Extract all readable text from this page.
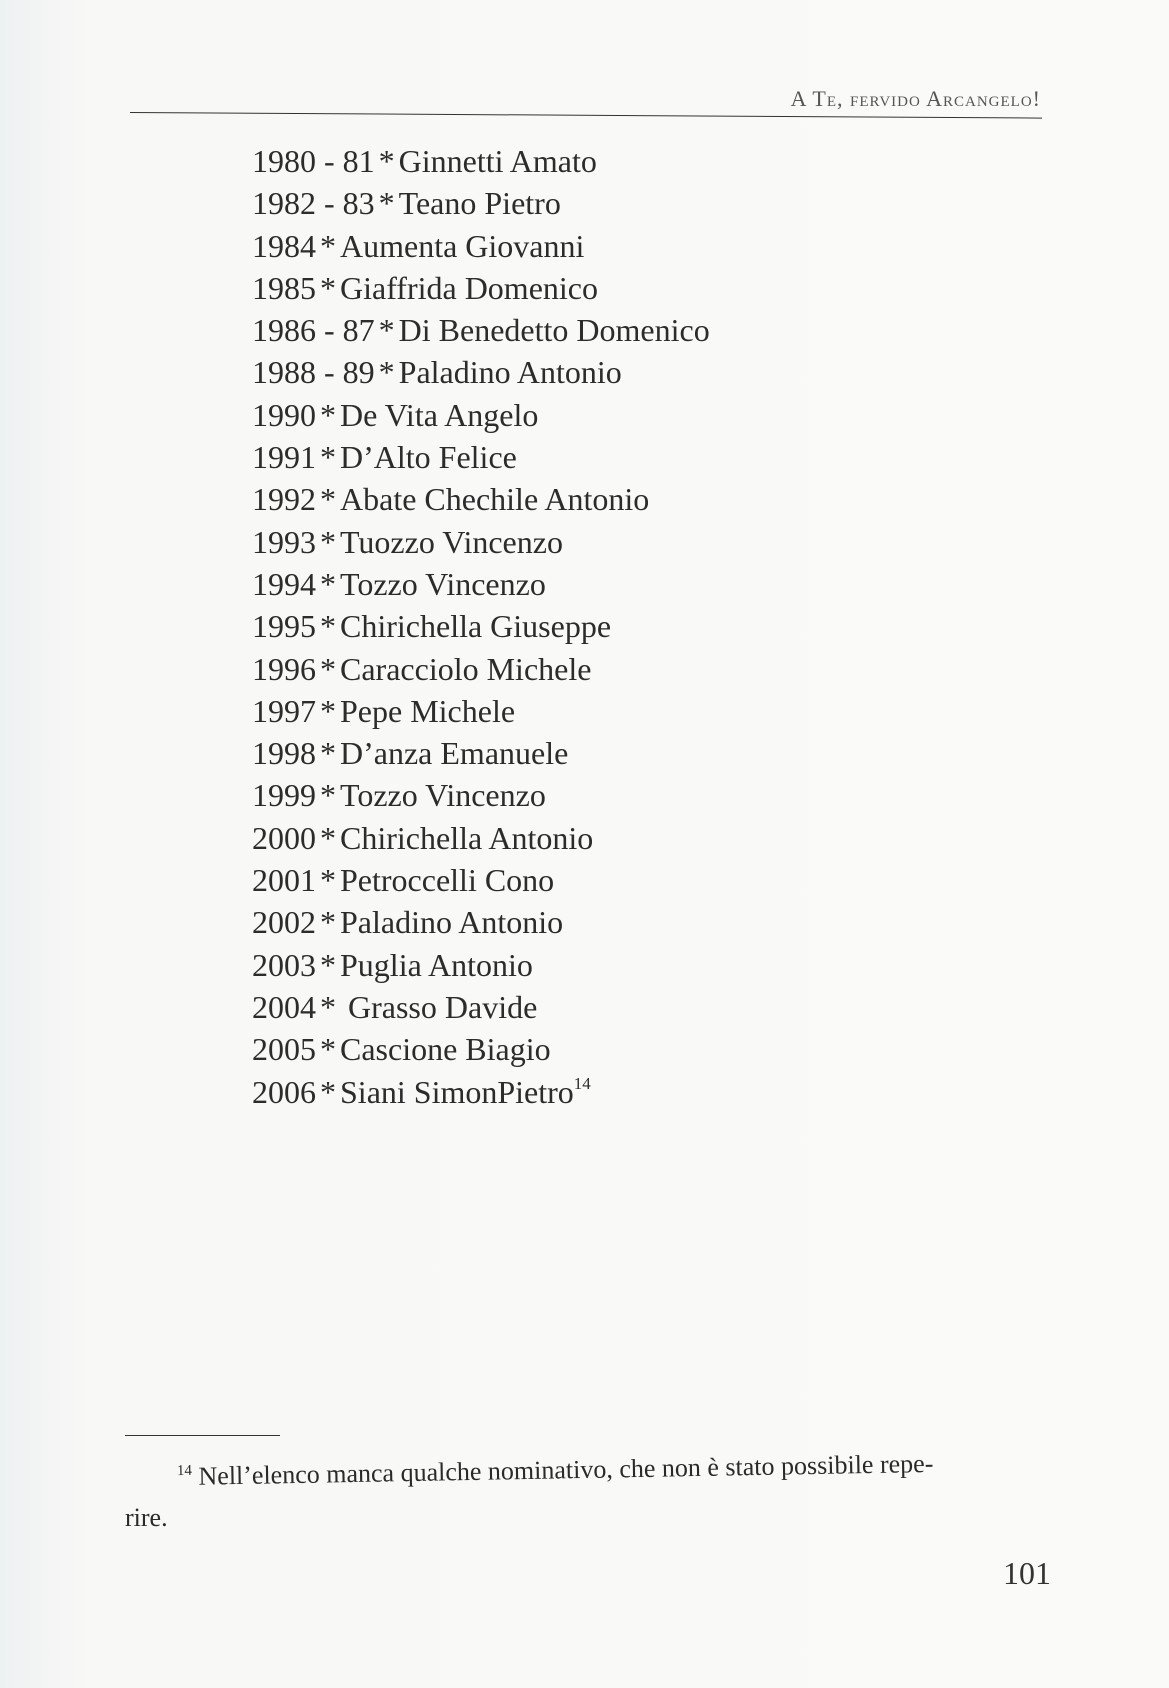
A Te, fervido Arcangelo!
1980 - 81 * Ginnetti Amato
1982 - 83 * Teano Pietro
1984 * Aumenta Giovanni
1985 * Giaffrida Domenico
1986 - 87 * Di Benedetto Domenico
1988 - 89 * Paladino Antonio
1990 * De Vita Angelo
1991 * D’Alto Felice
1992 * Abate Chechile Antonio
1993 * Tuozzo Vincenzo
1994 * Tozzo Vincenzo
1995 * Chirichella Giuseppe
1996 * Caracciolo Michele
1997 * Pepe Michele
1998 * D’anza Emanuele
1999 * Tozzo Vincenzo
2000 * Chirichella Antonio
2001 * Petroccelli Cono
2002 * Paladino Antonio
2003 * Puglia Antonio
2004 * Grasso Davide
2005 * Cascione Biagio
2006 * Siani SimonPietro$^{14}$
$^{14}$ Nell’elenco manca qualche nominativo, che non è stato possibile repe-
rire.
101
